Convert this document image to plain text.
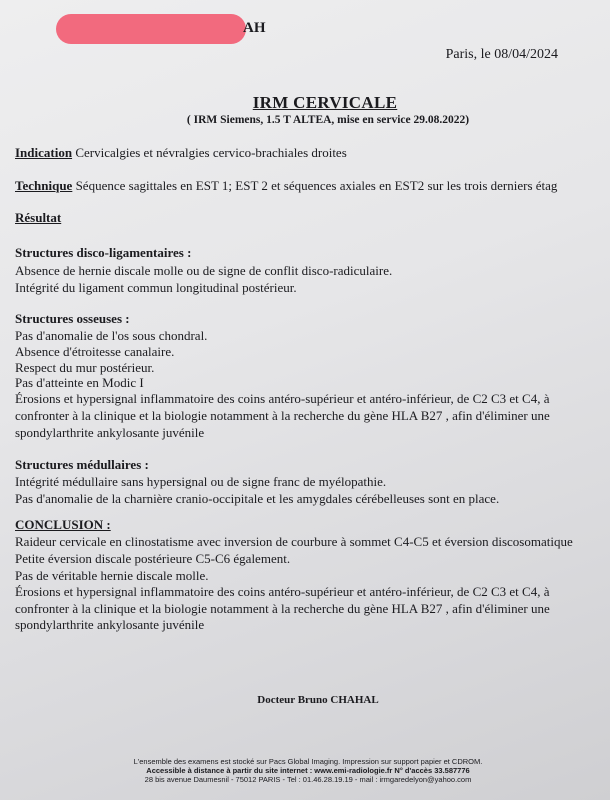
AH
Paris, le 08/04/2024
IRM CERVICALE
( IRM Siemens, 1.5 T ALTEA, mise en service 29.08.2022)
Indication Cervicalgies et névralgies cervico-brachiales droites
Technique Séquence sagittales en EST 1; EST 2 et séquences axiales en EST2 sur les trois derniers étag
Résultat
Structures disco-ligamentaires :
Absence de hernie discale molle ou de signe de conflit disco-radiculaire.
Intégrité du ligament commun longitudinal postérieur.
Structures osseuses :
Pas d'anomalie de l'os sous chondral.
Absence d'étroitesse canalaire.
Respect du mur postérieur.
Pas d'atteinte en Modic I
Érosions et hypersignal inflammatoire des coins antéro-supérieur et antéro-inférieur, de C2 C3 et C4, à
confronter à la clinique et la biologie notamment à la recherche du gène HLA B27 , afin d'éliminer une
spondylarthrite ankylosante juvénile
Structures médullaires :
Intégrité médullaire sans hypersignal ou de signe franc de myélopathie.
Pas d'anomalie de la charnière cranio-occipitale et les amygdales cérébelleuses sont en place.
CONCLUSION :
Raideur cervicale en clinostatisme avec inversion de courbure à sommet C4-C5 et éversion discosomatique
Petite éversion discale postérieure C5-C6 également.
Pas de véritable hernie discale molle.
Érosions et hypersignal inflammatoire des coins antéro-supérieur et antéro-inférieur, de C2 C3 et C4, à
confronter à la clinique et la biologie notamment à la recherche du gène HLA B27 , afin d'éliminer une
spondylarthrite ankylosante juvénile
Docteur Bruno CHAHAL
L'ensemble des examens est stocké sur Pacs Global Imaging. Impression sur support papier et CDROM.
Accessible à distance à partir du site internet : www.emi-radiologie.fr N° d'accès 33.587776
28 bis avenue Daumesnil - 75012 PARIS - Tel : 01.46.28.19.19 - mail : irmgaredelyon@yahoo.com
